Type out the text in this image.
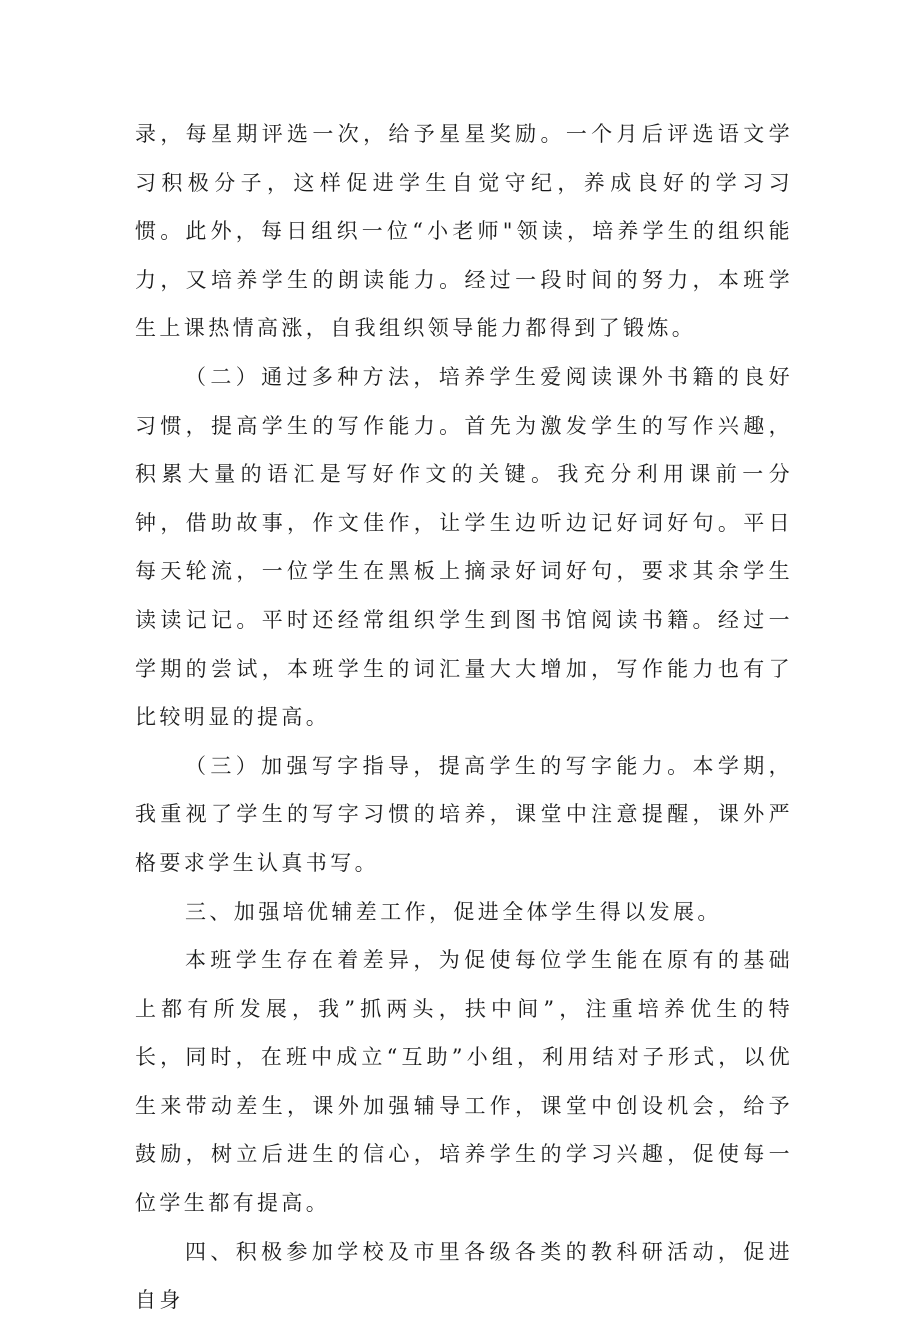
录，每星期评选一次，给予星星奖励。一个月后评选语文学习积极分子，这样促进学生自觉守纪，养成良好的学习习惯。此外，每日组织一位“小老师"领读，培养学生的组织能力，又培养学生的朗读能力。经过一段时间的努力，本班学生上课热情高涨，自我组织领导能力都得到了锻炼。

（二）通过多种方法，培养学生爱阅读课外书籍的良好习惯，提高学生的写作能力。首先为激发学生的写作兴趣，积累大量的语汇是写好作文的关键。我充分利用课前一分钟，借助故事，作文佳作，让学生边听边记好词好句。平日每天轮流，一位学生在黑板上摘录好词好句，要求其余学生读读记记。平时还经常组织学生到图书馆阅读书籍。经过一学期的尝试，本班学生的词汇量大大增加，写作能力也有了比较明显的提高。

（三）加强写字指导，提高学生的写字能力。本学期，我重视了学生的写字习惯的培养，课堂中注意提醒，课外严格要求学生认真书写。

三、加强培优辅差工作，促进全体学生得以发展。

本班学生存在着差异，为促使每位学生能在原有的基础上都有所发展，我”抓两头，扶中间”，注重培养优生的特长，同时，在班中成立“互助”小组，利用结对子形式，以优生来带动差生，课外加强辅导工作，课堂中创设机会，给予鼓励，树立后进生的信心，培养学生的学习兴趣，促使每一位学生都有提高。

四、积极参加学校及市里各级各类的教科研活动，促进自身
